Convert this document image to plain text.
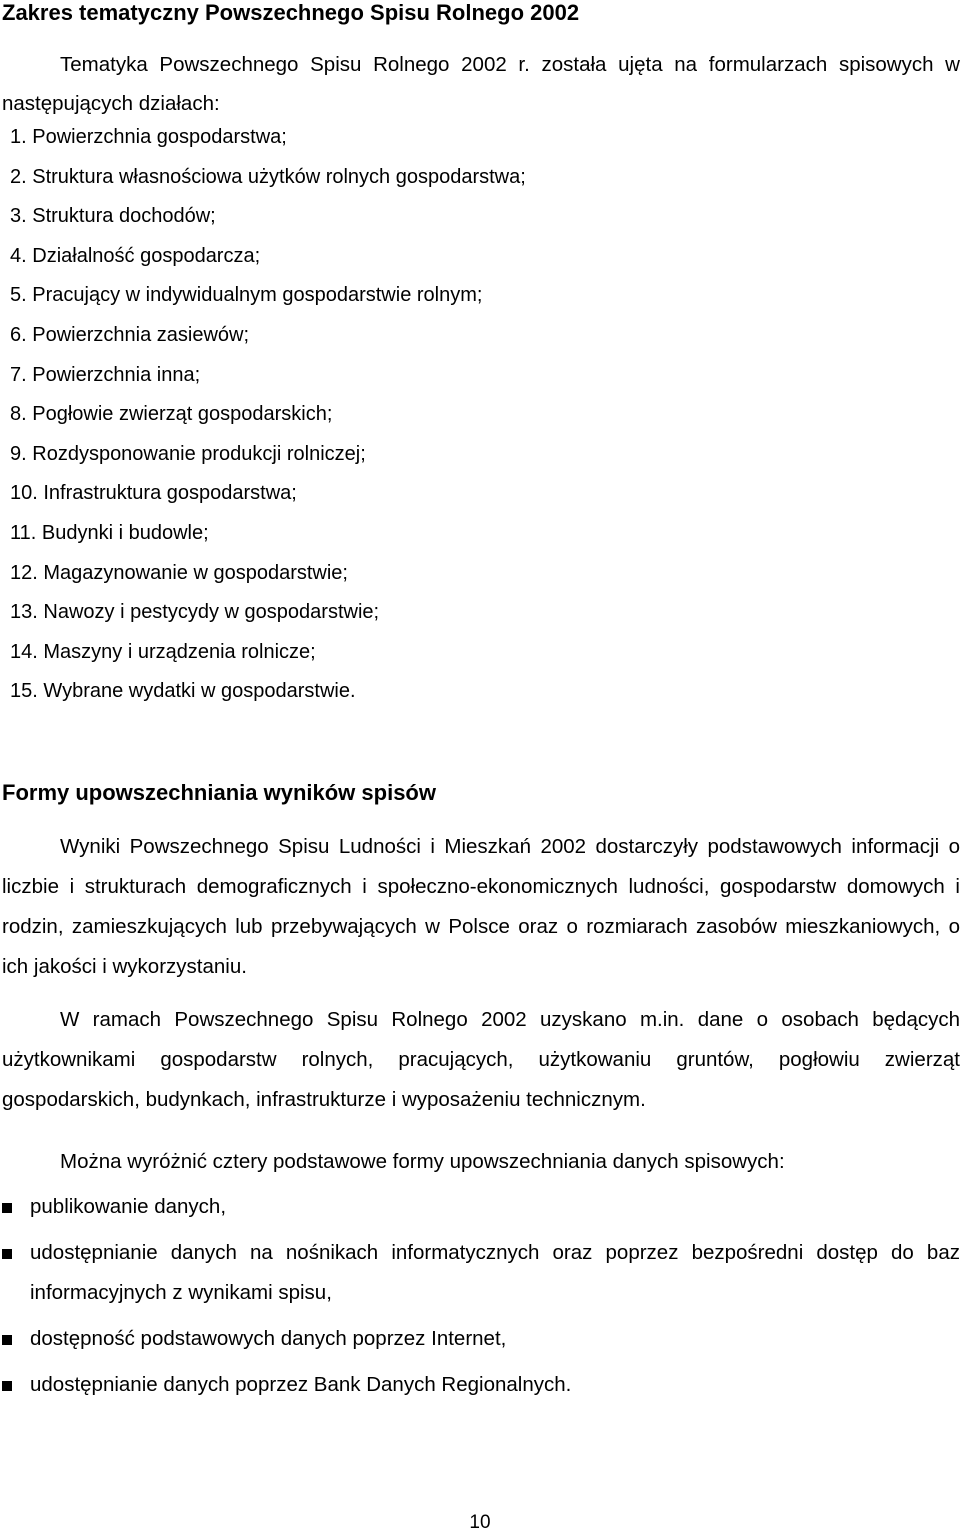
Zakres tematyczny Powszechnego Spisu Rolnego 2002

Tematyka Powszechnego Spisu Rolnego 2002 r. została ujęta na formularzach spisowych w następujących działach:

1. Powierzchnia gospodarstwa;
2. Struktura własnościowa użytków rolnych gospodarstwa;
3. Struktura dochodów;
4. Działalność gospodarcza;
5. Pracujący w indywidualnym gospodarstwie rolnym;
6. Powierzchnia zasiewów;
7. Powierzchnia inna;
8. Pogłowie zwierząt gospodarskich;
9. Rozdysponowanie produkcji rolniczej;
10. Infrastruktura gospodarstwa;
11. Budynki i budowle;
12. Magazynowanie w gospodarstwie;
13. Nawozy i pestycydy w gospodarstwie;
14. Maszyny i urządzenia rolnicze;
15. Wybrane wydatki w gospodarstwie.
Formy upowszechniania wyników spisów

Wyniki Powszechnego Spisu Ludności i Mieszkań 2002 dostarczyły podstawowych informacji o liczbie i strukturach demograficznych i społeczno-ekonomicznych ludności, gospodarstw domowych i rodzin, zamieszkujących lub przebywających w Polsce oraz o rozmiarach zasobów mieszkaniowych, o ich jakości i wykorzystaniu.

W ramach Powszechnego Spisu Rolnego 2002 uzyskano m.in. dane o osobach będących użytkownikami gospodarstw rolnych, pracujących, użytkowaniu gruntów, pogłowiu zwierząt gospodarskich, budynkach, infrastrukturze i wyposażeniu technicznym.

Można wyróżnić cztery podstawowe formy upowszechniania danych spisowych:

publikowanie danych,
udostępnianie danych na nośnikach informatycznych oraz poprzez bezpośredni dostęp do baz informacyjnych z wynikami spisu,
dostępność podstawowych danych poprzez Internet,
udostępnianie danych poprzez Bank Danych Regionalnych.
10
